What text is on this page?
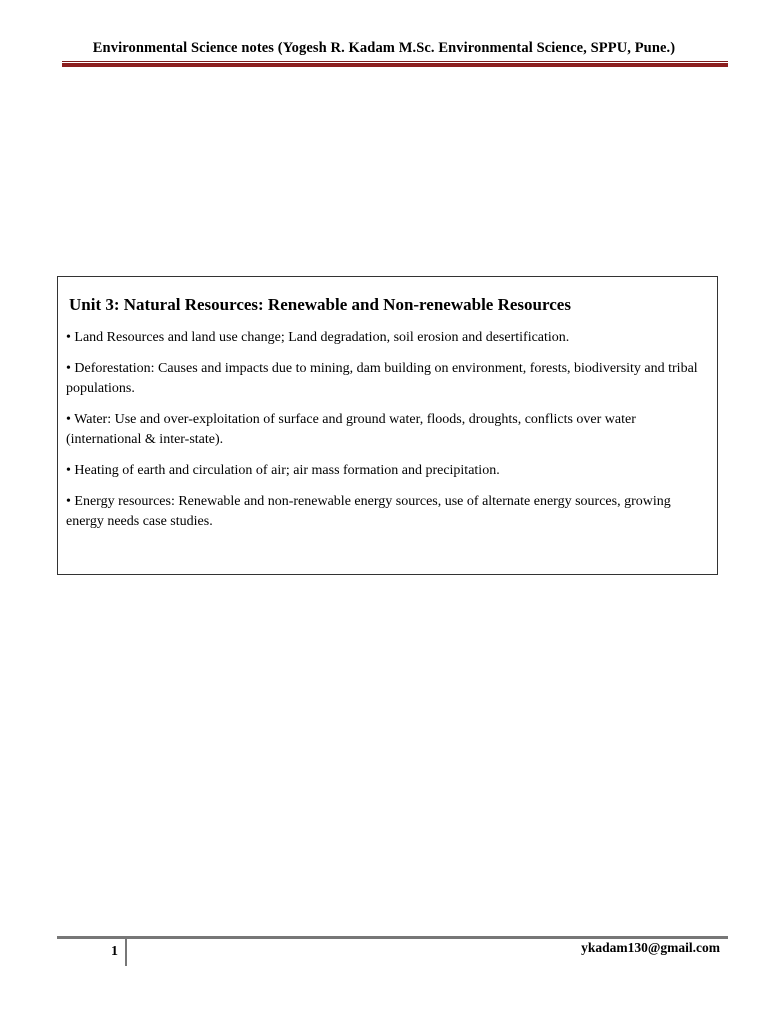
Environmental Science notes (Yogesh R. Kadam M.Sc. Environmental Science, SPPU, Pune.)
Unit 3: Natural Resources: Renewable and Non-renewable Resources
• Land Resources and land use change; Land degradation, soil erosion and desertification.
• Deforestation: Causes and impacts due to mining, dam building on environment, forests, biodiversity and tribal populations.
• Water: Use and over-exploitation of surface and ground water, floods, droughts, conflicts over water (international & inter-state).
• Heating of earth and circulation of air; air mass formation and precipitation.
• Energy resources: Renewable and non-renewable energy sources, use of alternate energy sources, growing energy needs case studies.
1	ykadam130@gmail.com
